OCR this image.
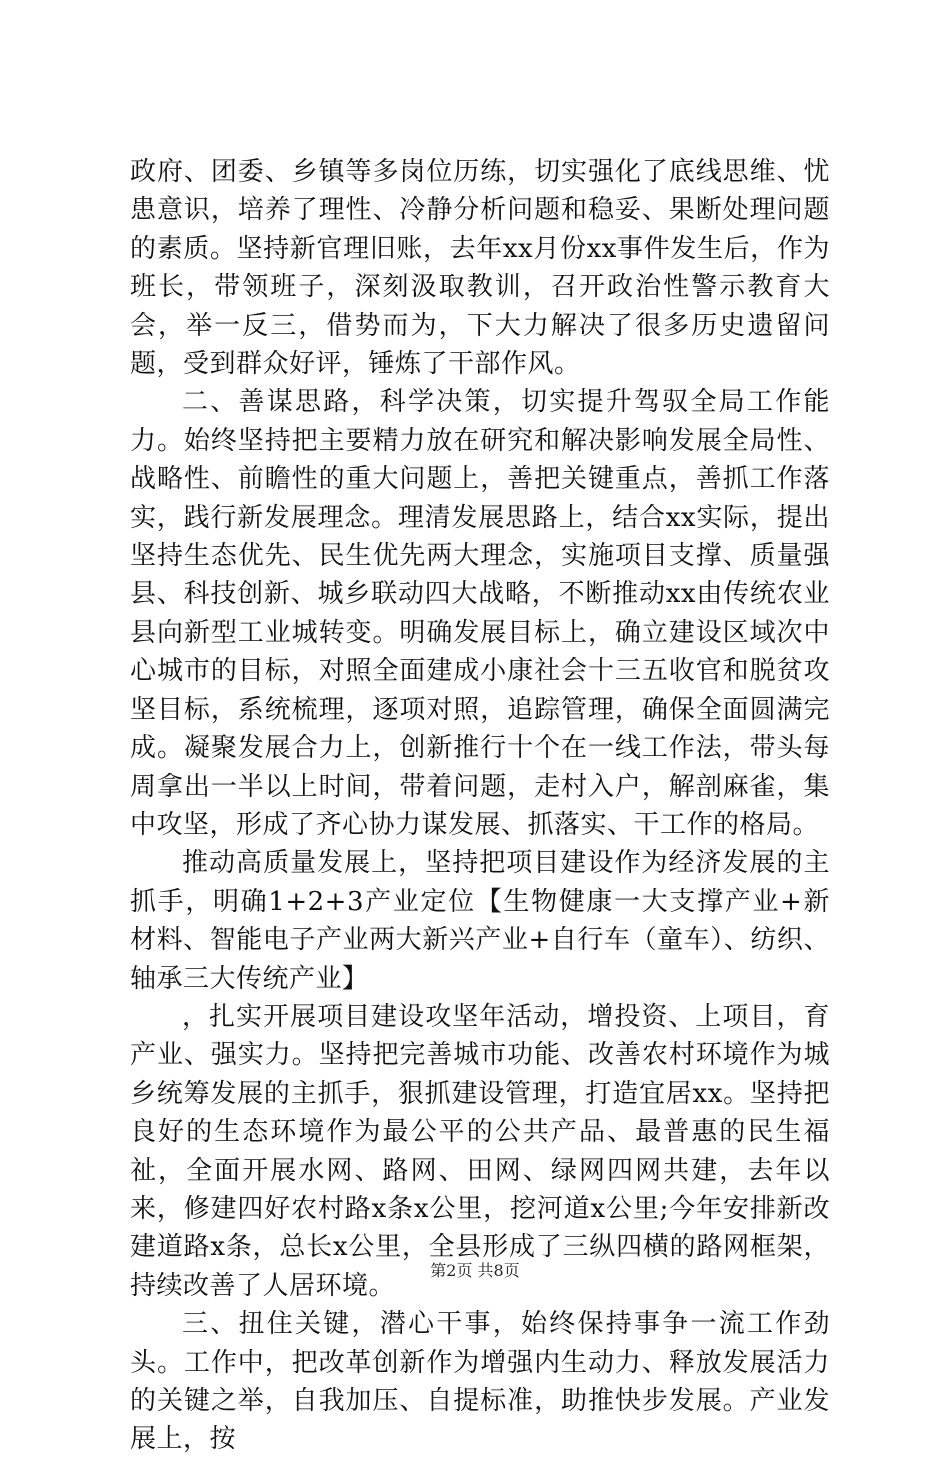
政府、团委、乡镇等多岗位历练，切实强化了底线思维、忧患意识，培养了理性、冷静分析问题和稳妥、果断处理问题的素质。坚持新官理旧账，去年xx月份xx事件发生后，作为班长，带领班子，深刻汲取教训，召开政治性警示教育大会，举一反三，借势而为，下大力解决了很多历史遗留问题，受到群众好评，锤炼了干部作风。

二、善谋思路，科学决策，切实提升驾驭全局工作能力。始终坚持把主要精力放在研究和解决影响发展全局性、战略性、前瞻性的重大问题上，善把关键重点，善抓工作落实，践行新发展理念。理清发展思路上，结合xx实际，提出坚持生态优先、民生优先两大理念，实施项目支撑、质量强县、科技创新、城乡联动四大战略，不断推动xx由传统农业县向新型工业城转变。明确发展目标上，确立建设区域次中心城市的目标，对照全面建成小康社会十三五收官和脱贫攻坚目标，系统梳理，逐项对照，追踪管理，确保全面圆满完成。凝聚发展合力上，创新推行十个在一线工作法，带头每周拿出一半以上时间，带着问题，走村入户，解剖麻雀，集中攻坚，形成了齐心协力谋发展、抓落实、干工作的格局。

推动高质量发展上，坚持把项目建设作为经济发展的主抓手，明确1+2+3产业定位【生物健康一大支撑产业+新材料、智能电子产业两大新兴产业+自行车（童车）、纺织、轴承三大传统产业】

，扎实开展项目建设攻坚年活动，增投资、上项目，育产业、强实力。坚持把完善城市功能、改善农村环境作为城乡统筹发展的主抓手，狠抓建设管理，打造宜居xx。坚持把良好的生态环境作为最公平的公共产品、最普惠的民生福祉，全面开展水网、路网、田网、绿网四网共建，去年以来，修建四好农村路x条x公里，挖河道x公里;今年安排新改建道路x条，总长x公里，全县形成了三纵四横的路网框架，持续改善了人居环境。

三、扭住关键，潜心干事，始终保持事争一流工作劲头。工作中，把改革创新作为增强内生动力、释放发展活力的关键之举，自我加压、自提标准，助推快步发展。产业发展上，按

第2页 共8页
